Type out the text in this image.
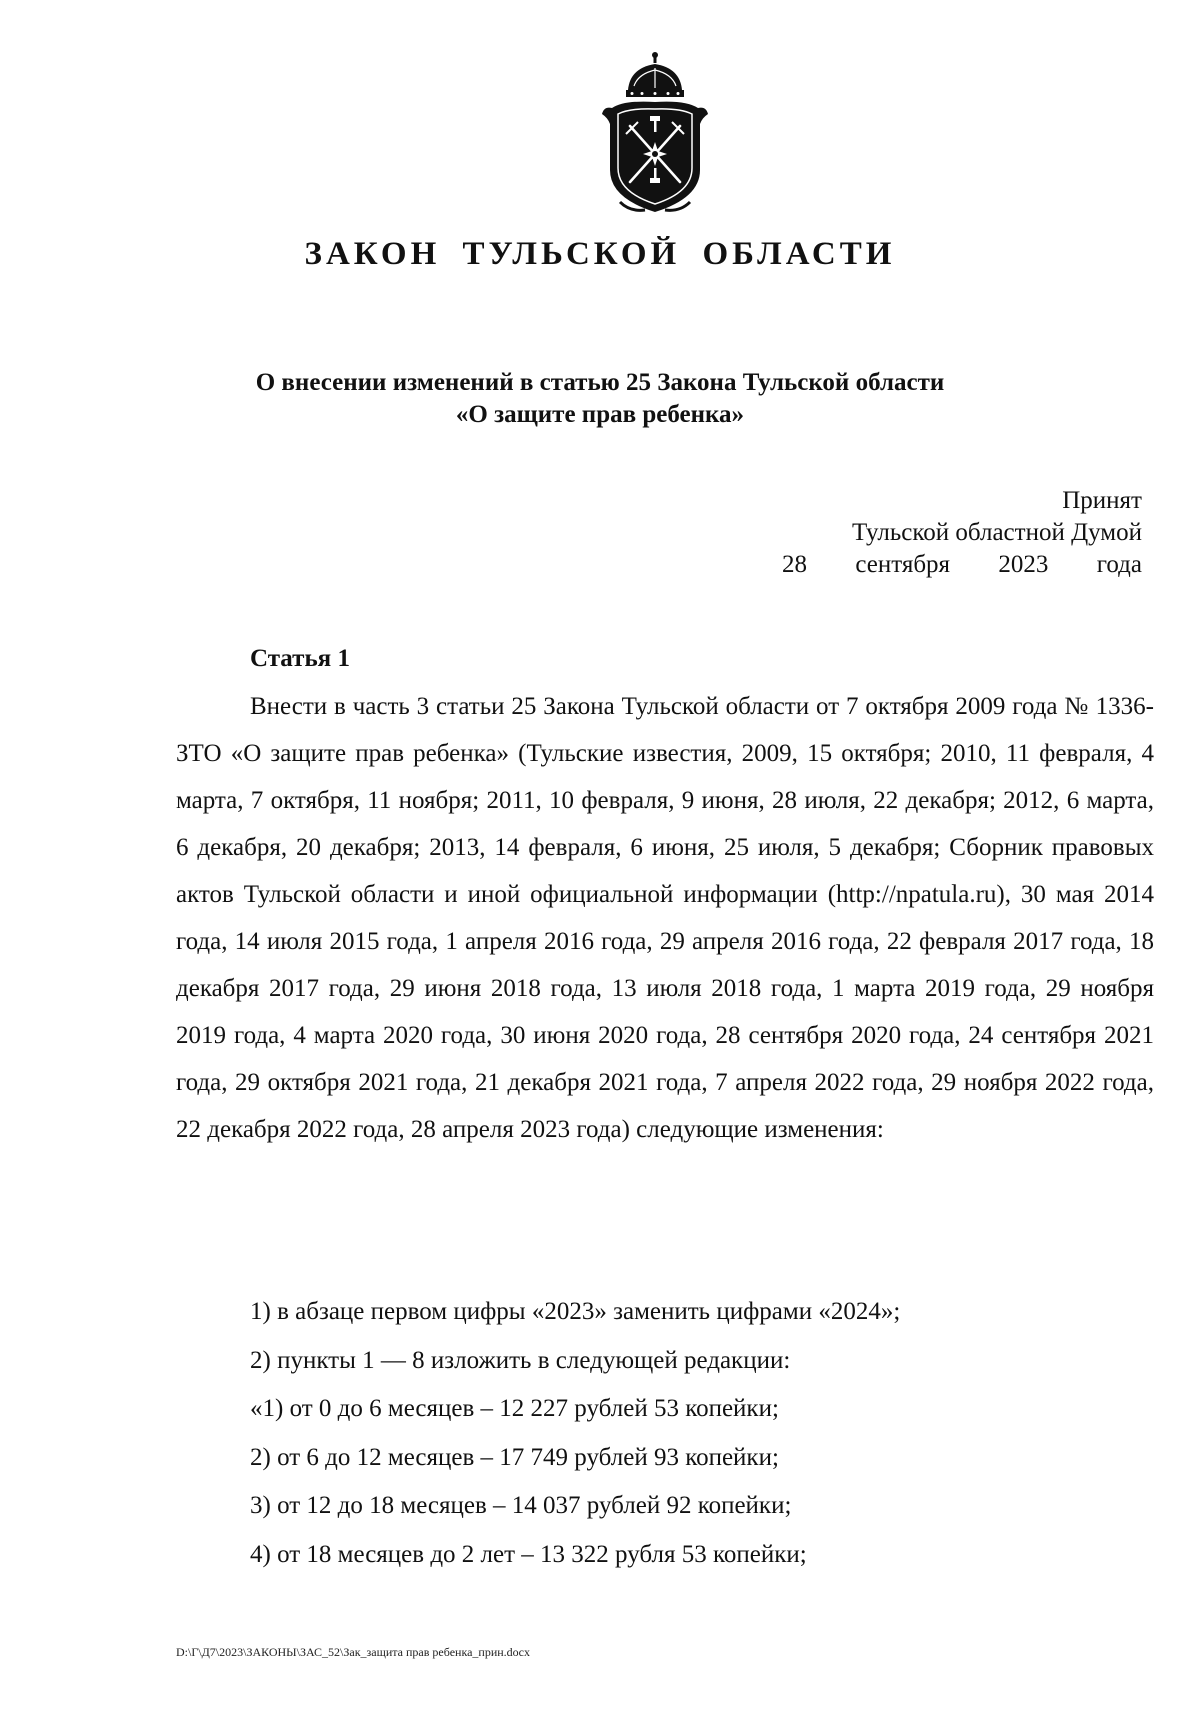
ЗАКОН ТУЛЬСКОЙ ОБЛАСТИ
О внесении изменений в статью 25 Закона Тульской области
«О защите прав ребенка»
Принят
Тульской областной Думой
28 сентября 2023 года
Статья 1
Внести в часть 3 статьи 25 Закона Тульской области от 7 октября 2009 года № 1336-ЗТО «О защите прав ребенка» (Тульские известия, 2009, 15 октября; 2010, 11 февраля, 4 марта, 7 октября, 11 ноября; 2011, 10 февраля, 9 июня, 28 июля, 22 декабря; 2012, 6 марта, 6 декабря, 20 декабря; 2013, 14 февраля, 6 июня, 25 июля, 5 декабря; Сборник правовых актов Тульской области и иной официальной информации (http://npatula.ru), 30 мая 2014 года, 14 июля 2015 года, 1 апреля 2016 года, 29 апреля 2016 года, 22 февраля 2017 года, 18 декабря 2017 года, 29 июня 2018 года, 13 июля 2018 года, 1 марта 2019 года, 29 ноября 2019 года, 4 марта 2020 года, 30 июня 2020 года, 28 сентября 2020 года, 24 сентября 2021 года, 29 октября 2021 года, 21 декабря 2021 года, 7 апреля 2022 года, 29 ноября 2022 года, 22 декабря 2022 года, 28 апреля 2023 года) следующие изменения:
1) в абзаце первом цифры «2023» заменить цифрами «2024»;
2) пункты 1 — 8 изложить в следующей редакции:
«1) от 0 до 6 месяцев – 12 227 рублей 53 копейки;
2) от 6 до 12 месяцев – 17 749 рублей 93 копейки;
3) от 12 до 18 месяцев – 14 037 рублей 92 копейки;
4) от 18 месяцев до 2 лет – 13 322 рубля 53 копейки;
D:\Г\Д7\2023\ЗАКОНЫ\ЗАС_52\Зак_защита прав ребенка_прин.docx
